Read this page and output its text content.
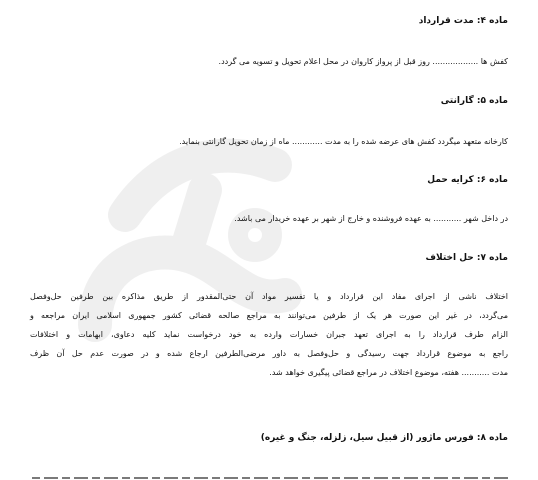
ماده ۴: مدت قرارداد
کفش ها .................. روز قبل از پرواز کاروان در محل اعلام تحویل و تسویه می گردد.
ماده ۵: گارانتی
کارخانه متعهد میگردد کفش های عرضه شده را به مدت ............ ماه از زمان تحویل گارانتی بنماید.
ماده ۶: کرایه حمل
در داخل شهر ........... به عهده فروشنده و خارج از شهر بر عهده خریدار می باشد.
ماده ۷: حل اختلاف
اختلاف ناشی از اجرای مفاد این قرارداد و یا تفسیر مواد آن حتی‌المقدور از طریق مذاکره بین طرفین حل‌وفصل
می‌گردد، در غیر این صورت هر یک از طرفین می‌توانند به مراجع صالحه قضائی کشور جمهوری اسلامی ایران مراجعه و
الزام طرف قرارداد را به اجرای تعهد جبران خسارات وارده به خود درخواست نماید کلیه دعاوی، ابهامات و اختلافات
راجع به موضوع قرارداد جهت رسیدگی و حل‌وفصل به داور مرضی‌الطرفین ارجاع شده و در صورت عدم حل آن ظرف
مدت ........... هفته، موضوع اختلاف در مراجع قضائی پیگیری خواهد شد.
ماده ۸: فورس ماژور (از قبیل سیل، زلزله، جنگ و غیره)
